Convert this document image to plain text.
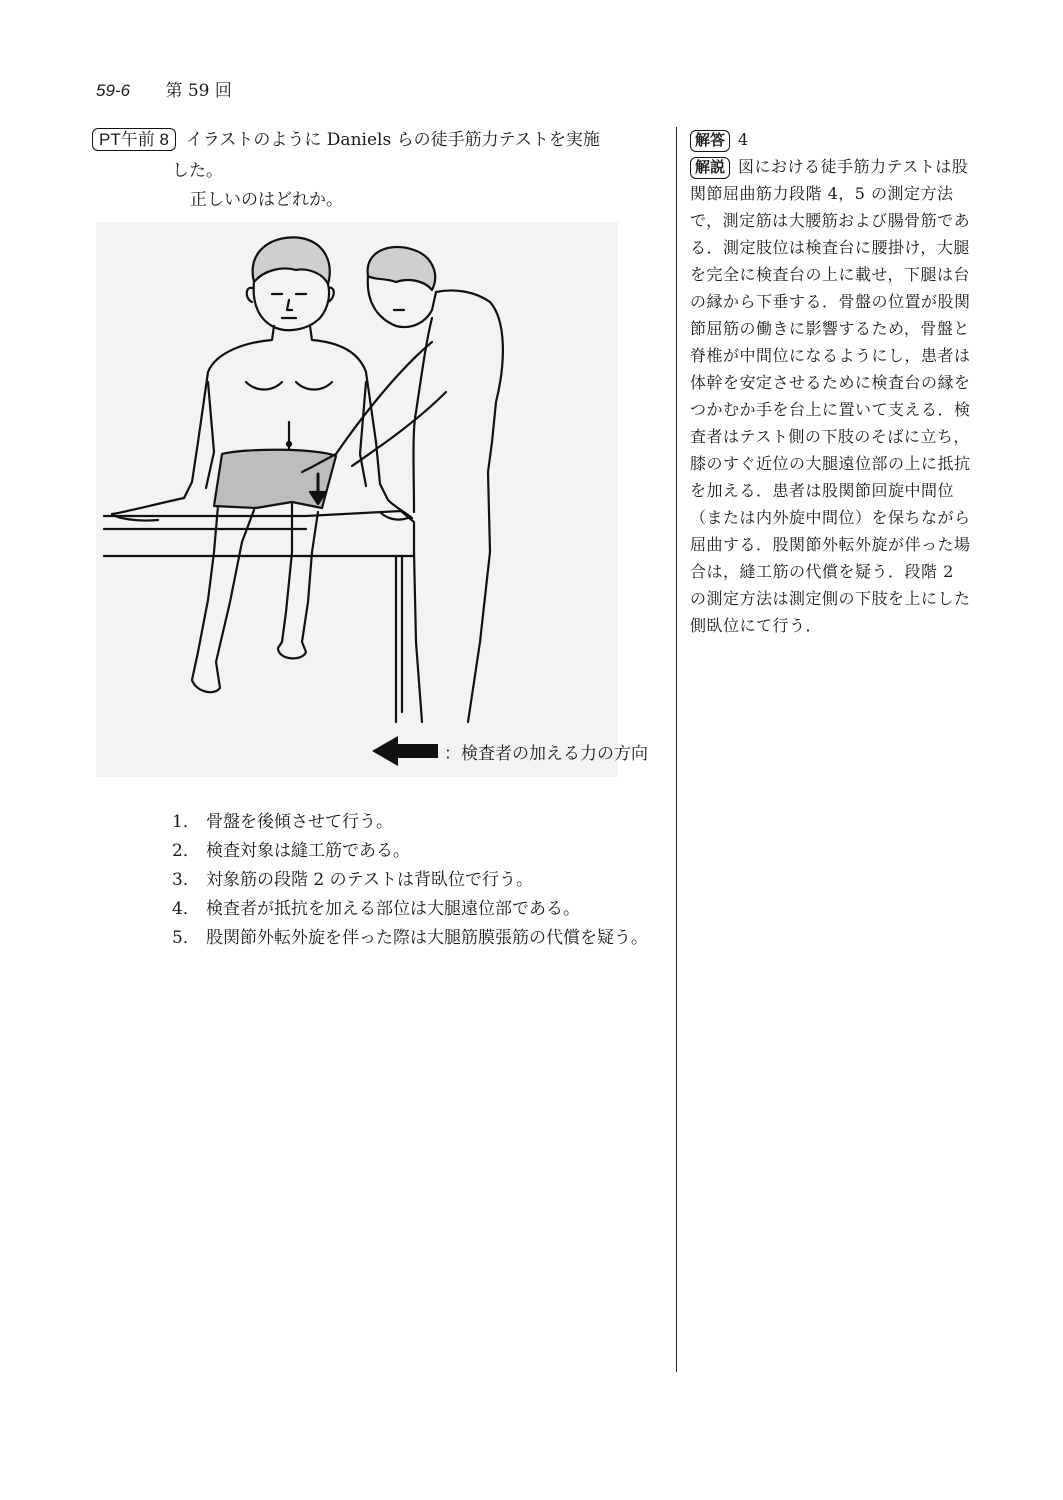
59-6 第 59 回
PT午前 8 イラストのように Daniels らの徒手筋力テストを実施
した。
正しいのはどれか。
：検査者の加える力の方向
1． 骨盤を後傾させて行う。
2． 検査対象は縫工筋である。
3． 対象筋の段階 2 のテストは背臥位で行う。
4． 検査者が抵抗を加える部位は大腿遠位部である。
5． 股関節外転外旋を伴った際は大腿筋膜張筋の代償を疑う。
解答 4
解説 図における徒手筋力テストは股関節屈曲筋力段階 4，5 の測定方法で，測定筋は大腰筋および腸骨筋である．測定肢位は検査台に腰掛け，大腿を完全に検査台の上に載せ，下腿は台の縁から下垂する．骨盤の位置が股関節屈筋の働きに影響するため，骨盤と脊椎が中間位になるようにし，患者は体幹を安定させるために検査台の縁をつかむか手を台上に置いて支える．検査者はテスト側の下肢のそばに立ち，膝のすぐ近位の大腿遠位部の上に抵抗を加える．患者は股関節回旋中間位（または内外旋中間位）を保ちながら屈曲する．股関節外転外旋が伴った場合は，縫工筋の代償を疑う．段階 2 の測定方法は測定側の下肢を上にした側臥位にて行う．
